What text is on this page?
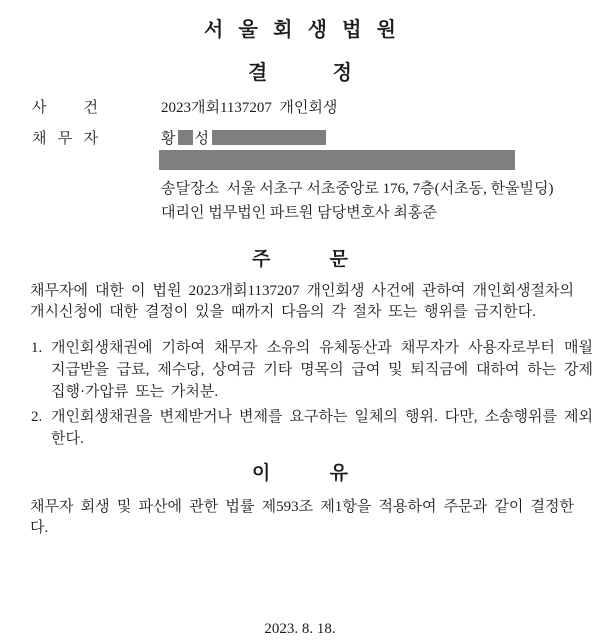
서 울 회 생 법 원
결 정
사 건	2023개회1137207  개인회생
채 무 자	황 성
송달장소  서울 서초구 서초중앙로 176, 7층(서초동, 한울빌딩)
대리인 법무법인 파트원 담당변호사 최홍준
주 문
채무자에 대한 이 법원 2023개회1137207 개인회생 사건에 관하여 개인회생절차의 개시신청에 대한 결정이 있을 때까지 다음의 각 절차 또는 행위를 금지한다.
1. 개인회생채권에 기하여 채무자 소유의 유체동산과 채무자가 사용자로부터 매월 지급받을 급료, 제수당, 상여금 기타 명목의 급여 및 퇴직금에 대하여 하는 강제집행·가압류 또는 가처분.
2. 개인회생채권을 변제받거나 변제를 요구하는 일체의 행위. 다만, 소송행위를 제외한다.
이 유
채무자 회생 및 파산에 관한 법률 제593조 제1항을 적용하여 주문과 같이 결정한다.
2023. 8. 18.
